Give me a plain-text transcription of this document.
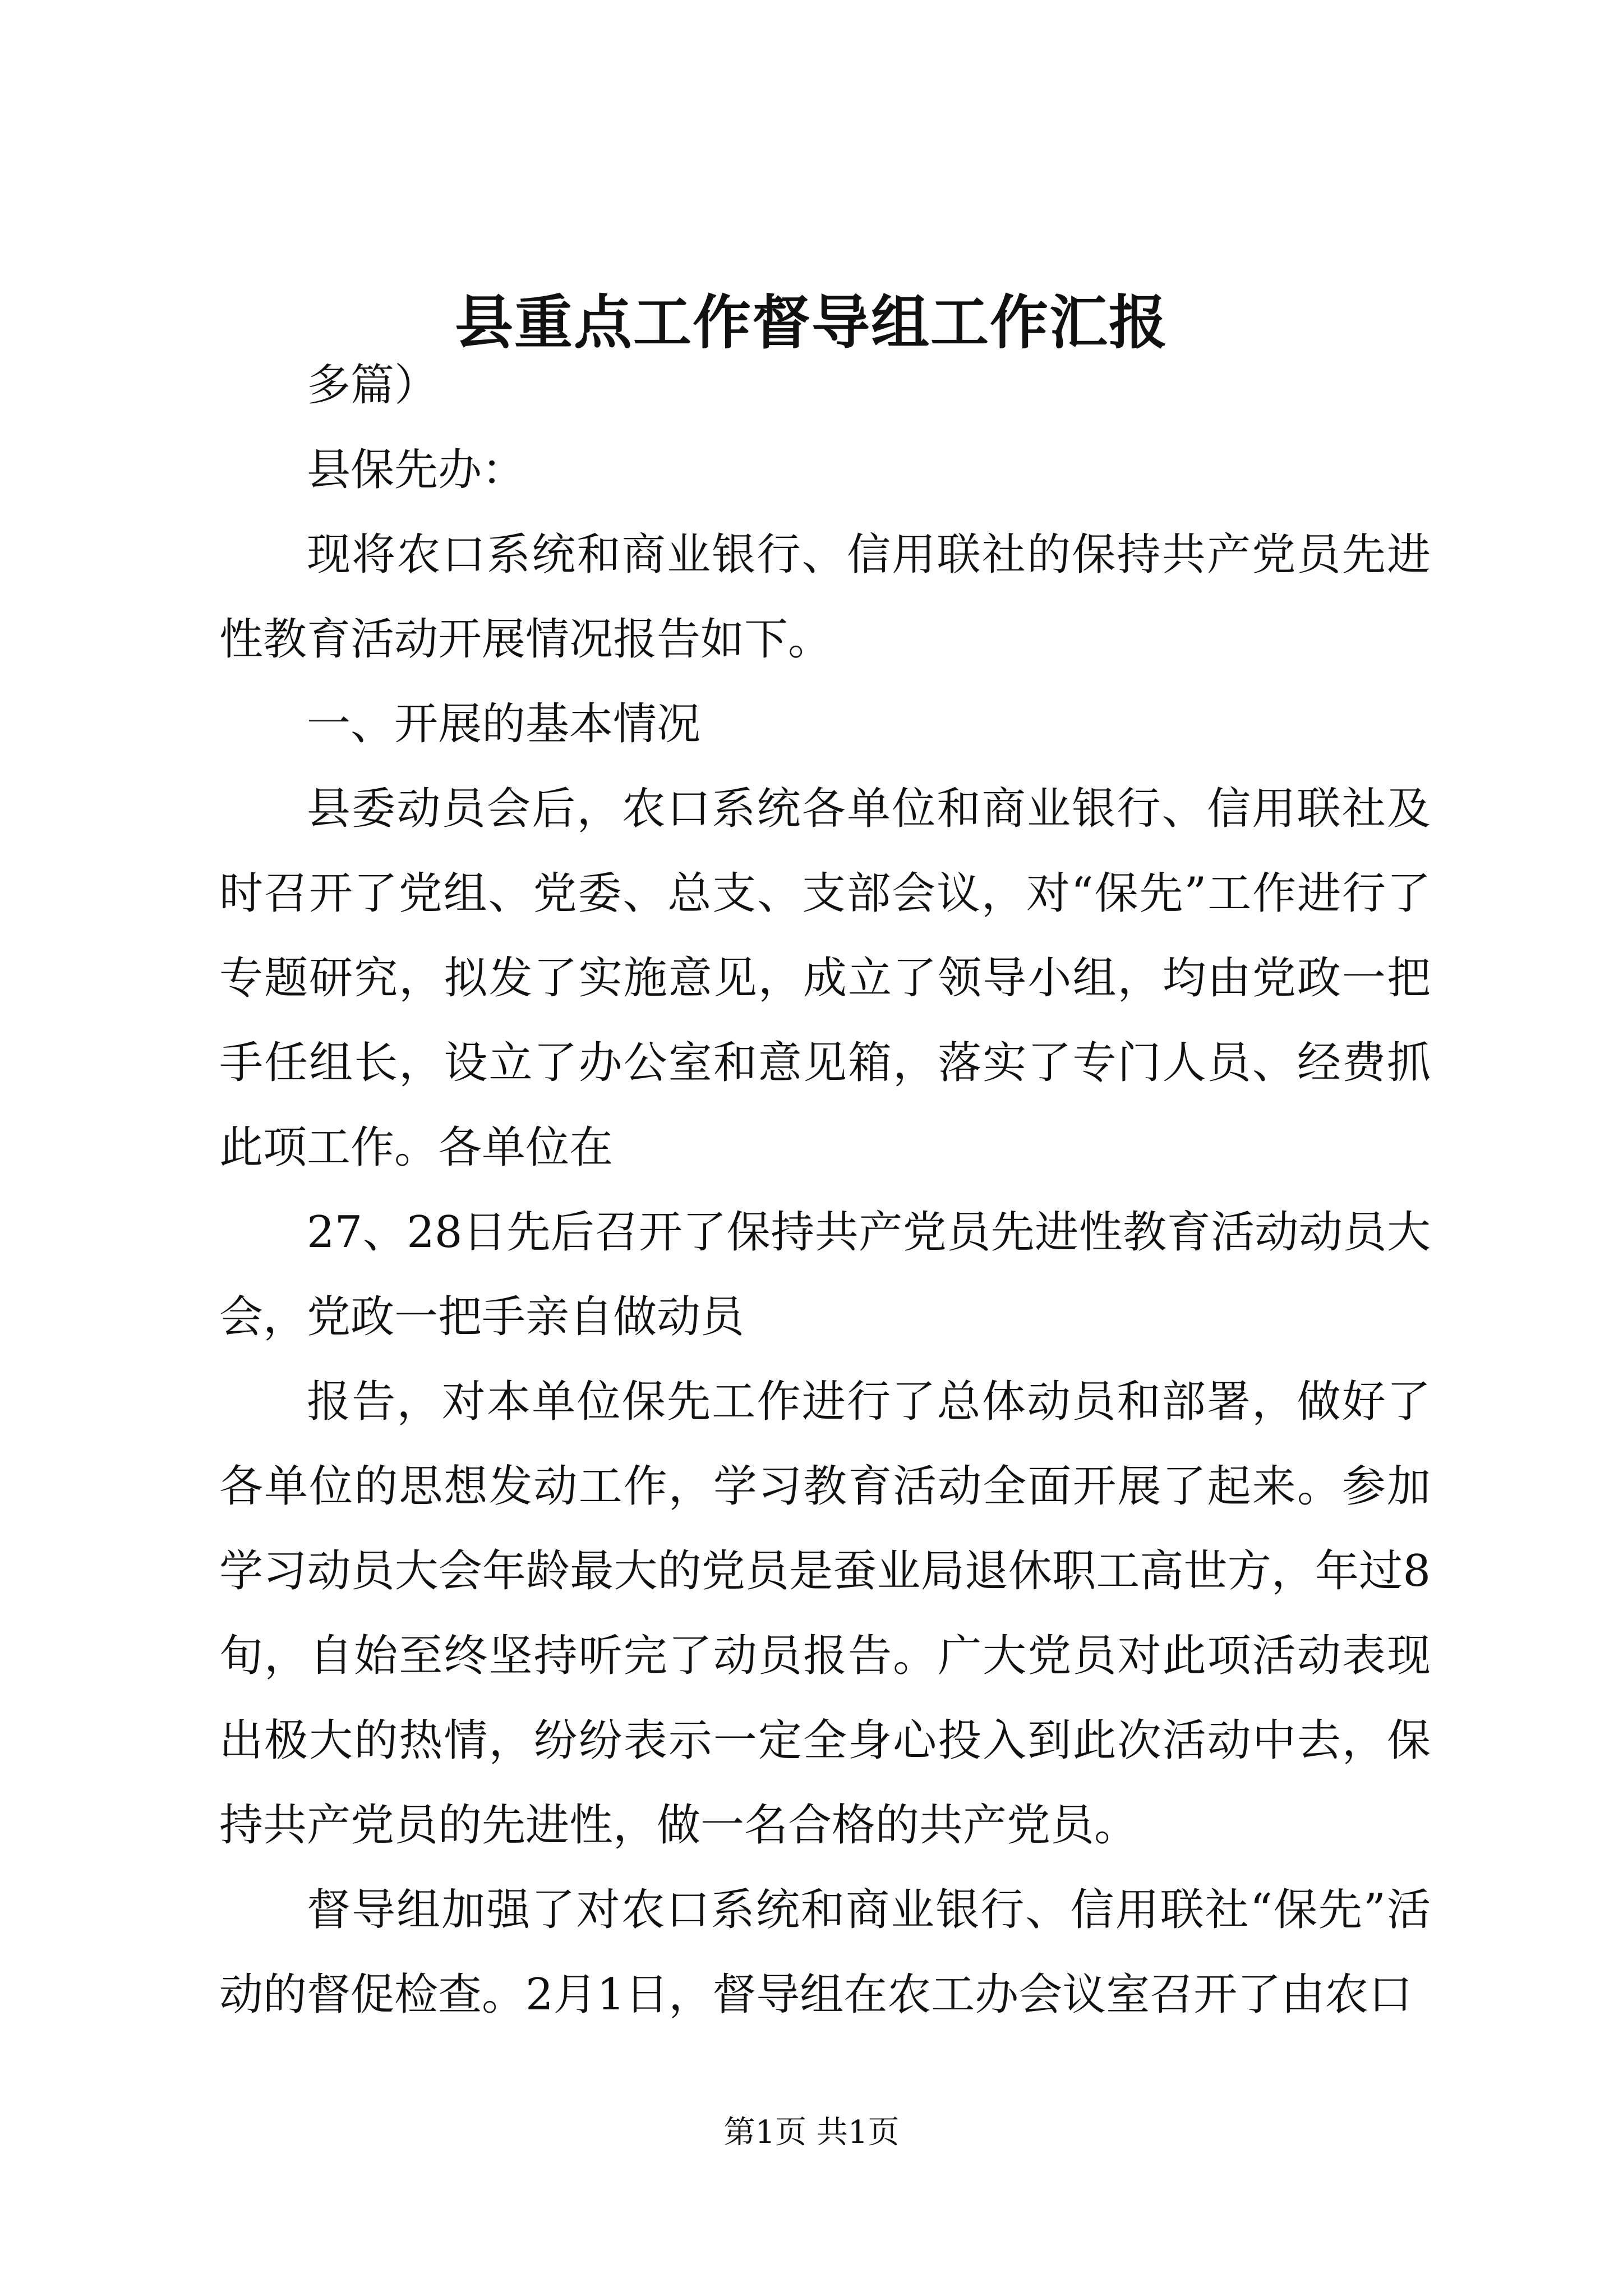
县重点工作督导组工作汇报

多篇）

县保先办：

现将农口系统和商业银行、信用联社的保持共产党员先进性教育活动开展情况报告如下。

一、开展的基本情况

县委动员会后，农口系统各单位和商业银行、信用联社及时召开了党组、党委、总支、支部会议，对“保先”工作进行了专题研究，拟发了实施意见，成立了领导小组，均由党政一把手任组长，设立了办公室和意见箱，落实了专门人员、经费抓此项工作。各单位在

27、28日先后召开了保持共产党员先进性教育活动动员大会，党政一把手亲自做动员

报告，对本单位保先工作进行了总体动员和部署，做好了各单位的思想发动工作，学习教育活动全面开展了起来。参加学习动员大会年龄最大的党员是蚕业局退休职工高世方，年过8旬，自始至终坚持听完了动员报告。广大党员对此项活动表现出极大的热情，纷纷表示一定全身心投入到此次活动中去，保持共产党员的先进性，做一名合格的共产党员。

督导组加强了对农口系统和商业银行、信用联社“保先”活动的督促检查。2月1日，督导组在农工办会议室召开了由农口

第1页 共1页
